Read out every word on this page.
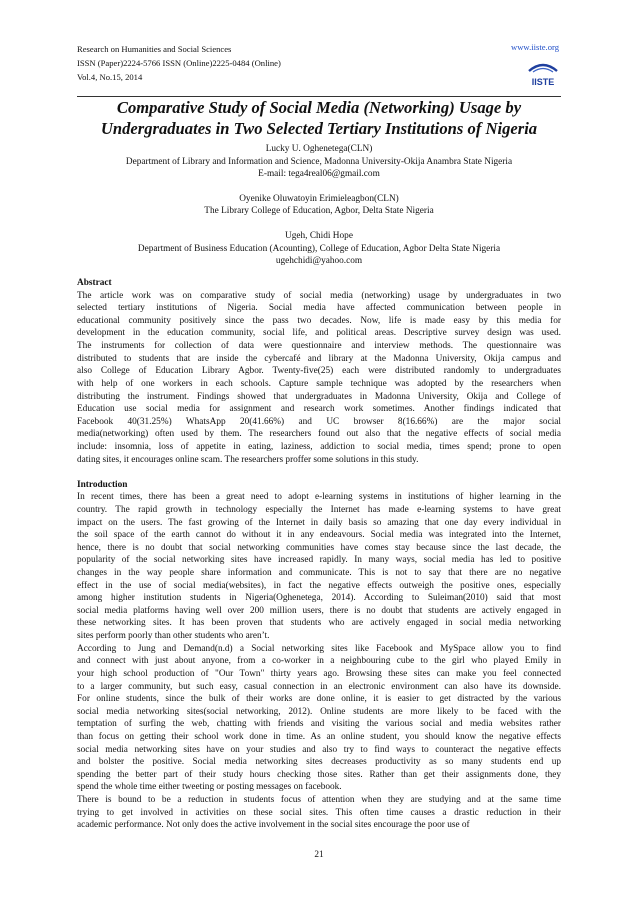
Research on Humanities and Social Sciences
ISSN (Paper)2224-5766 ISSN (Online)2225-0484 (Online)
Vol.4, No.15, 2014
www.iiste.org
IISTE
Comparative Study of Social Media (Networking) Usage by
Undergraduates in Two Selected Tertiary Institutions of Nigeria
Lucky U. Oghenetega(CLN)
Department of Library and Information and Science, Madonna University-Okija Anambra State Nigeria
E-mail: tega4real06@gmail.com
Oyenike Oluwatoyin Erimieleagbon(CLN)
The Library College of Education, Agbor, Delta State Nigeria
Ugeh, Chidi Hope
Department of Business Education (Acounting), College of Education, Agbor Delta State Nigeria
ugehchidi@yahoo.com
Abstract
The article work was on comparative study of social media (networking) usage by undergraduates in two
selected tertiary institutions of Nigeria. Social media have affected communication between people in
educational community positively since the pass two decades. Now, life is made easy by this media for
development in the education community, social life, and political areas. Descriptive survey design was used.
The instruments for collection of data were questionnaire and interview methods. The questionnaire was
distributed to students that are inside the cybercafé and library at the Madonna University, Okija campus and
also College of Education Library Agbor. Twenty-five(25) each were distributed randomly to undergraduates
with help of one workers in each schools. Capture sample technique was adopted by the researchers when
distributing the instrument. Findings showed that undergraduates in Madonna University, Okija and College of
Education use social media for assignment and research work sometimes. Another findings indicated that
Facebook 40(31.25%) WhatsApp 20(41.66%) and UC browser 8(16.66%) are the major social
media(networking) often used by them. The researchers found out also that the negative effects of social media
include: insomnia, loss of appetite in eating, laziness, addiction to social media, times spend; prone to open
dating sites, it encourages online scam. The researchers proffer some solutions in this study.
Introduction
In recent times, there has been a great need to adopt e-learning systems in institutions of higher learning in the
country. The rapid growth in technology especially the Internet has made e-learning systems to have great
impact on the users. The fast growing of the Internet in daily basis so amazing that one day every individual in
the soil space of the earth cannot do without it in any endeavours. Social media was integrated into the Internet,
hence, there is no doubt that social networking communities have comes stay because since the last decade, the
popularity of the social networking sites have increased rapidly. In many ways, social media has led to positive
changes in the way people share information and communicate. This is not to say that there are no negative
effect in the use of social media(websites), in fact the negative effects outweigh the positive ones, especially
among higher institution students in Nigeria(Oghenetega, 2014). According to Suleiman(2010) said that most
social media platforms having well over 200 million users, there is no doubt that students are actively engaged in
these networking sites. It has been proven that students who are actively engaged in social media networking
sites perform poorly than other students who aren’t.
According to Jung and Demand(n.d) a Social networking sites like Facebook and MySpace allow you to find
and connect with just about anyone, from a co-worker in a neighbouring cube to the girl who played Emily in
your high school production of "Our Town" thirty years ago. Browsing these sites can make you feel connected
to a larger community, but such easy, casual connection in an electronic environment can also have its downside.
For online students, since the bulk of their works are done online, it is easier to get distracted by the various
social media networking sites(social networking, 2012). Online students are more likely to be faced with the
temptation of surfing the web, chatting with friends and visiting the various social and media websites rather
than focus on getting their school work done in time. As an online student, you should know the negative effects
social media networking sites have on your studies and also try to find ways to counteract the negative effects
and bolster the positive. Social media networking sites decreases productivity as so many students end up
spending the better part of their study hours checking those sites. Rather than get their assignments done, they
spend the whole time either tweeting or posting messages on facebook.
There is bound to be a reduction in students focus of attention when they are studying and at the same time
trying to get involved in activities on these social sites. This often time causes a drastic reduction in their
academic performance. Not only does the active involvement in the social sites encourage the poor use of
21
